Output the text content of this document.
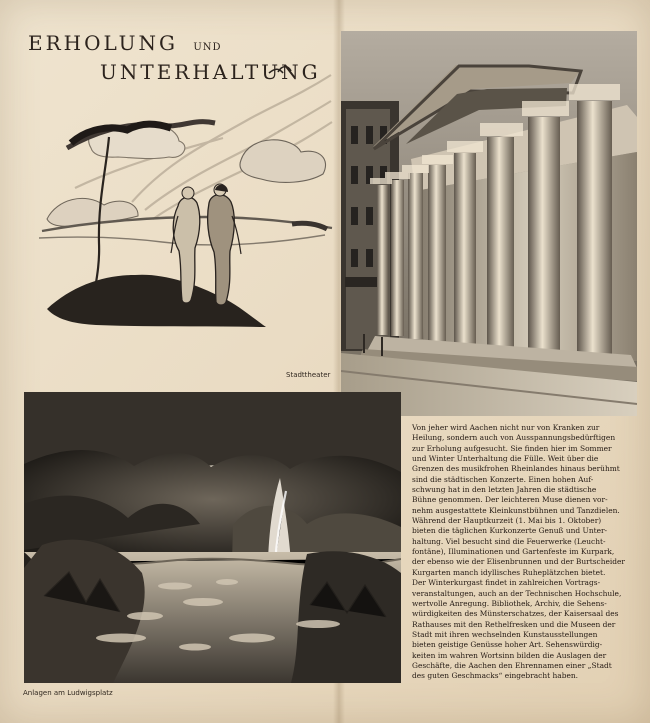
ERHOLUNG UND
UNTERHALTUNG
Stadttheater
Anlagen am Ludwigsplatz
Von jeher wird Aachen nicht nur von Kranken zur
Heilung, sondern auch von Ausspannungsbedürftigen
zur Erholung aufgesucht. Sie finden hier im Sommer
und Winter Unterhaltung die Fülle. Weit über die
Grenzen des musikfrohen Rheinlandes hinaus berühmt
sind die städtischen Konzerte. Einen hohen Auf-
schwung hat in den letzten Jahren die städtische
Bühne genommen. Der leichteren Muse dienen vor-
nehm ausgestattete Kleinkunstbühnen und Tanzdielen.
Während der Hauptkurzeit (1. Mai bis 1. Oktober)
bieten die täglichen Kurkonzerte Genuß und Unter-
haltung. Viel besucht sind die Feuerwerke (Leucht-
fontäne), Illuminationen und Gartenfeste im Kurpark,
der ebenso wie der Elisenbrunnen und der Burtscheider
Kurgarten manch idyllisches Ruheplätzchen bietet.
Der Winterkurgast findet in zahlreichen Vortrags-
veranstaltungen, auch an der Technischen Hochschule,
wertvolle Anregung. Bibliothek, Archiv, die Sehens-
würdigkeiten des Münsterschatzes, der Kaisersaal des
Rathauses mit den Rethelfresken und die Museen der
Stadt mit ihren wechselnden Kunstausstellungen
bieten geistige Genüsse hoher Art. Sehenswürdig-
keiten im wahren Wortsinn bilden die Auslagen der
Geschäfte, die Aachen den Ehrennamen einer „Stadt
des guten Geschmacks“ eingebracht haben.
